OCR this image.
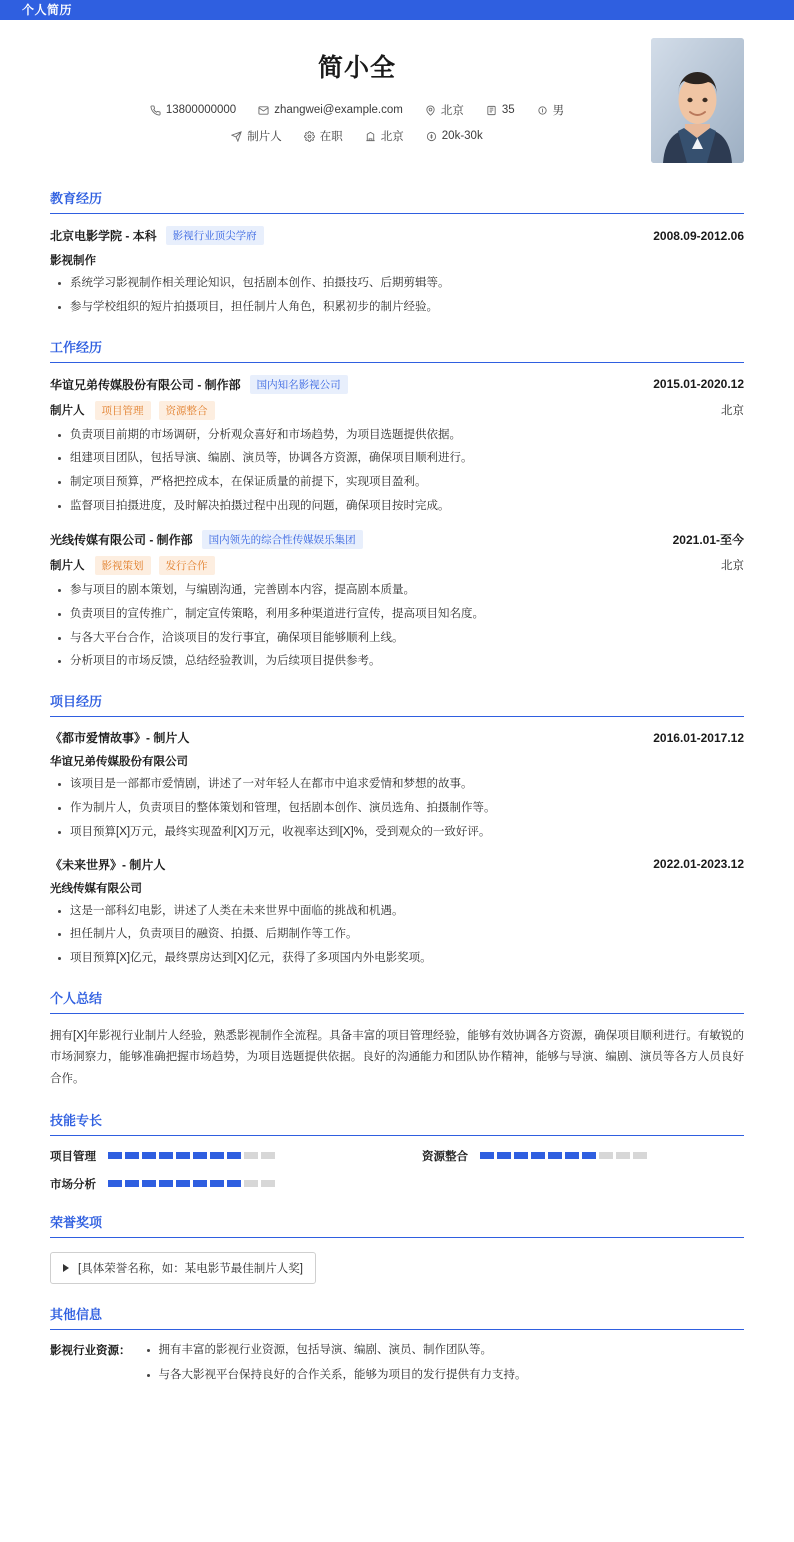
个人简历
简小全
13800000000	zhangwei@example.com	北京	35	男
制片人	在职	北京	20k-30k
教育经历
北京电影学院 - 本科	影视行业顶尖学府	2008.09-2012.06
影视制作
系统学习影视制作相关理论知识，包括剧本创作、拍摄技巧、后期剪辑等。
参与学校组织的短片拍摄项目，担任制片人角色，积累初步的制片经验。
工作经历
华谊兄弟传媒股份有限公司 - 制作部	国内知名影视公司	2015.01-2020.12
制片人	项目管理	资源整合	北京
负责项目前期的市场调研，分析观众喜好和市场趋势，为项目选题提供依据。
组建项目团队，包括导演、编剧、演员等，协调各方资源，确保项目顺利进行。
制定项目预算，严格把控成本，在保证质量的前提下，实现项目盈利。
监督项目拍摄进度，及时解决拍摄过程中出现的问题，确保项目按时完成。
光线传媒有限公司 - 制作部	国内领先的综合性传媒娱乐集团	2021.01-至今
制片人	影视策划	发行合作	北京
参与项目的剧本策划，与编剧沟通，完善剧本内容，提高剧本质量。
负责项目的宣传推广，制定宣传策略，利用多种渠道进行宣传，提高项目知名度。
与各大平台合作，洽谈项目的发行事宜，确保项目能够顺利上线。
分析项目的市场反馈，总结经验教训，为后续项目提供参考。
项目经历
《都市爱情故事》- 制片人	2016.01-2017.12
华谊兄弟传媒股份有限公司
该项目是一部都市爱情剧，讲述了一对年轻人在都市中追求爱情和梦想的故事。
作为制片人，负责项目的整体策划和管理，包括剧本创作、演员选角、拍摄制作等。
项目预算[X]万元，最终实现盈利[X]万元，收视率达到[X]%，受到观众的一致好评。
《未来世界》- 制片人	2022.01-2023.12
光线传媒有限公司
这是一部科幻电影，讲述了人类在未来世界中面临的挑战和机遇。
担任制片人，负责项目的融资、拍摄、后期制作等工作。
项目预算[X]亿元，最终票房达到[X]亿元，获得了多项国内外电影奖项。
个人总结
拥有[X]年影视行业制片人经验，熟悉影视制作全流程。具备丰富的项目管理经验，能够有效协调各方资源，确保项目顺利进行。有敏锐的市场洞察力，能够准确把握市场趋势，为项目选题提供依据。良好的沟通能力和团队协作精神，能够与导演、编剧、演员等各方人员良好合作。
技能专长
项目管理	资源整合
市场分析
荣誉奖项
[具体荣誉名称，如：某电影节最佳制片人奖]
其他信息
影视行业资源：	拥有丰富的影视行业资源，包括导演、编剧、演员、制作团队等。
与各大影视平台保持良好的合作关系，能够为项目的发行提供有力支持。
